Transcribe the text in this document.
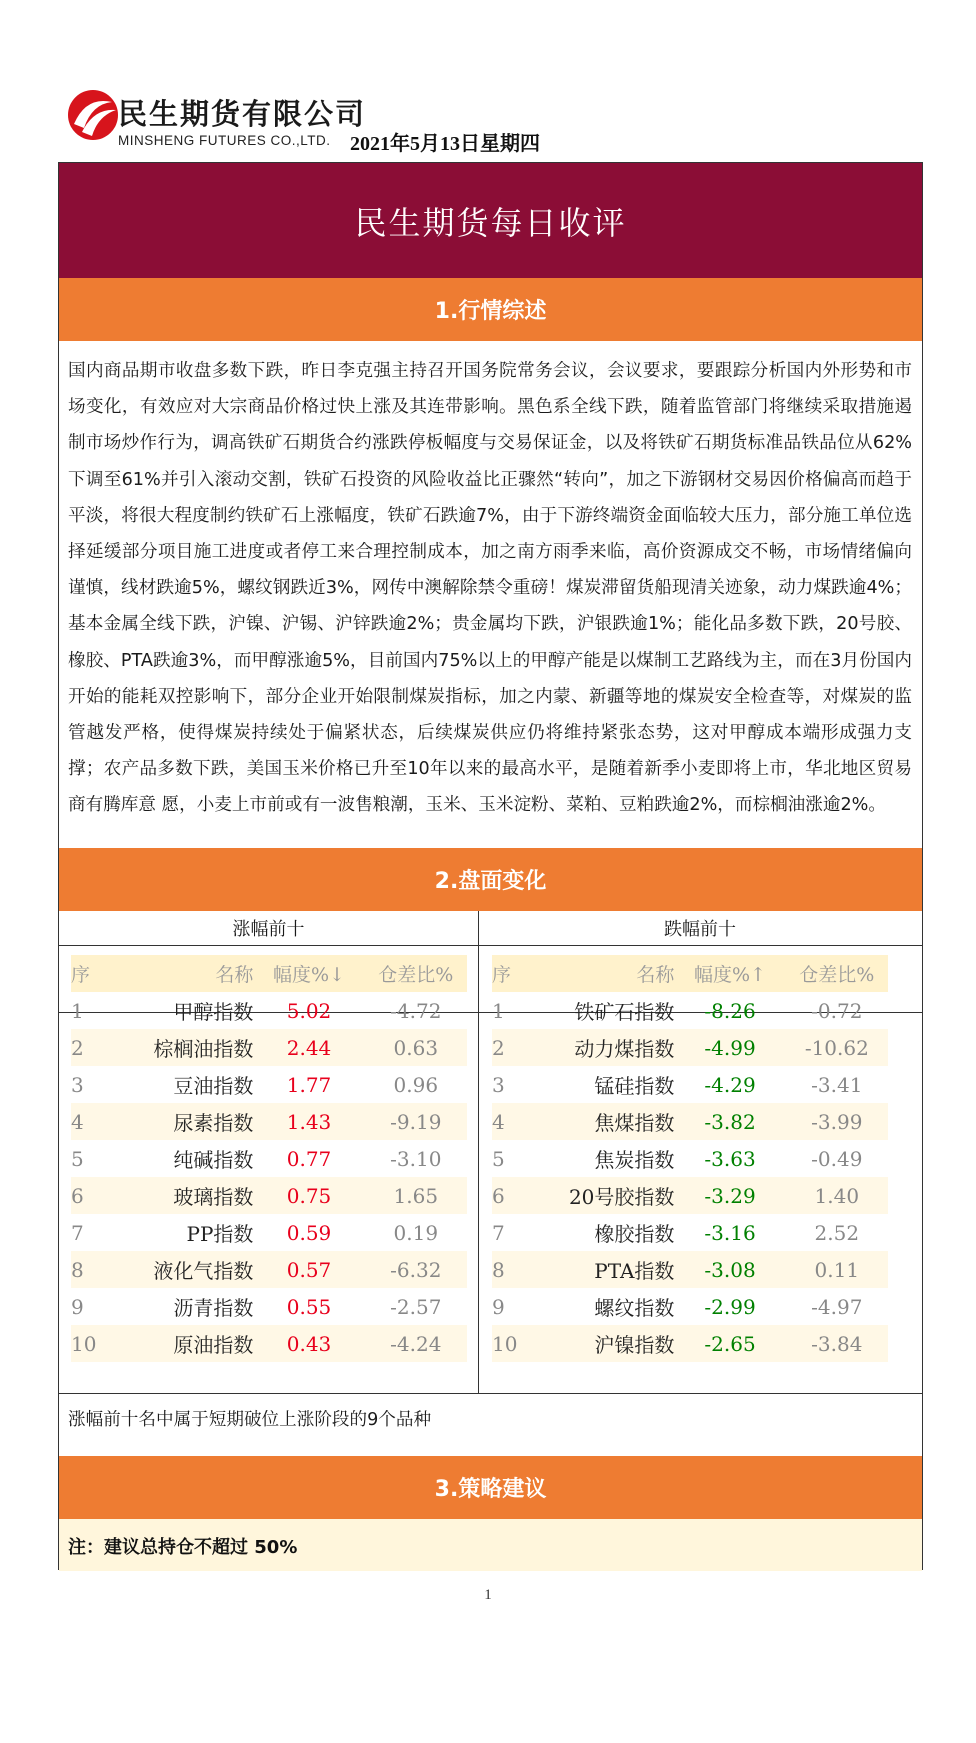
民生期货有限公司
MINSHENG FUTURES CO.,LTD. 2021年5月13日星期四
民生期货每日收评
1.行情综述
国内商品期市收盘多数下跌，昨日李克强主持召开国务院常务会议，会议要求，要跟踪分析国内外形势和市场变化，有效应对大宗商品价格过快上涨及其连带影响。黑色系全线下跌，随着监管部门将继续采取措施遏制市场炒作行为，调高铁矿石期货合约涨跌停板幅度与交易保证金，以及将铁矿石期货标准品铁品位从62%下调至61%并引入滚动交割，铁矿石投资的风险收益比正骤然“转向”，加之下游钢材交易因价格偏高而趋于平淡，将很大程度制约铁矿石上涨幅度，铁矿石跌逾7%，由于下游终端资金面临较大压力，部分施工单位选择延缓部分项目施工进度或者停工来合理控制成本，加之南方雨季来临，高价资源成交不畅，市场情绪偏向谨慎，线材跌逾5%，螺纹钢跌近3%，网传中澳解除禁令重磅！煤炭滞留货船现清关迹象，动力煤跌逾4%；基本金属全线下跌，沪镍、沪锡、沪锌跌逾2%；贵金属均下跌，沪银跌逾1%；能化品多数下跌，20号胶、橡胶、PTA跌逾3%，而甲醇涨逾5%，目前国内75%以上的甲醇产能是以煤制工艺路线为主，而在3月份国内开始的能耗双控影响下，部分企业开始限制煤炭指标，加之内蒙、新疆等地的煤炭安全检查等，对煤炭的监管越发严格，使得煤炭持续处于偏紧状态，后续煤炭供应仍将维持紧张态势，这对甲醇成本端形成强力支撑；农产品多数下跌，美国玉米价格已升至10年以来的最高水平，是随着新季小麦即将上市，华北地区贸易商有腾库意 愿，小麦上市前或有一波售粮潮，玉米、玉米淀粉、菜粕、豆粕跌逾2%，而棕榈油涨逾2%。
2.盘面变化
涨幅前十
序	名称	幅度%↓	仓差比%
1	甲醇指数	5.02	-4.72
2	棕榈油指数	2.44	0.63
3	豆油指数	1.77	0.96
4	尿素指数	1.43	-9.19
5	纯碱指数	0.77	-3.10
6	玻璃指数	0.75	1.65
7	PP指数	0.59	0.19
8	液化气指数	0.57	-6.32
9	沥青指数	0.55	-2.57
10	原油指数	0.43	-4.24
跌幅前十
序	名称	幅度%↑	仓差比%
1	铁矿石指数	-8.26	-0.72
2	动力煤指数	-4.99	-10.62
3	锰硅指数	-4.29	-3.41
4	焦煤指数	-3.82	-3.99
5	焦炭指数	-3.63	-0.49
6	20号胶指数	-3.29	1.40
7	橡胶指数	-3.16	2.52
8	PTA指数	-3.08	0.11
9	螺纹指数	-2.99	-4.97
10	沪镍指数	-2.65	-3.84
涨幅前十名中属于短期破位上涨阶段的9个品种
3.策略建议
注：建议总持仓不超过 50%
1
